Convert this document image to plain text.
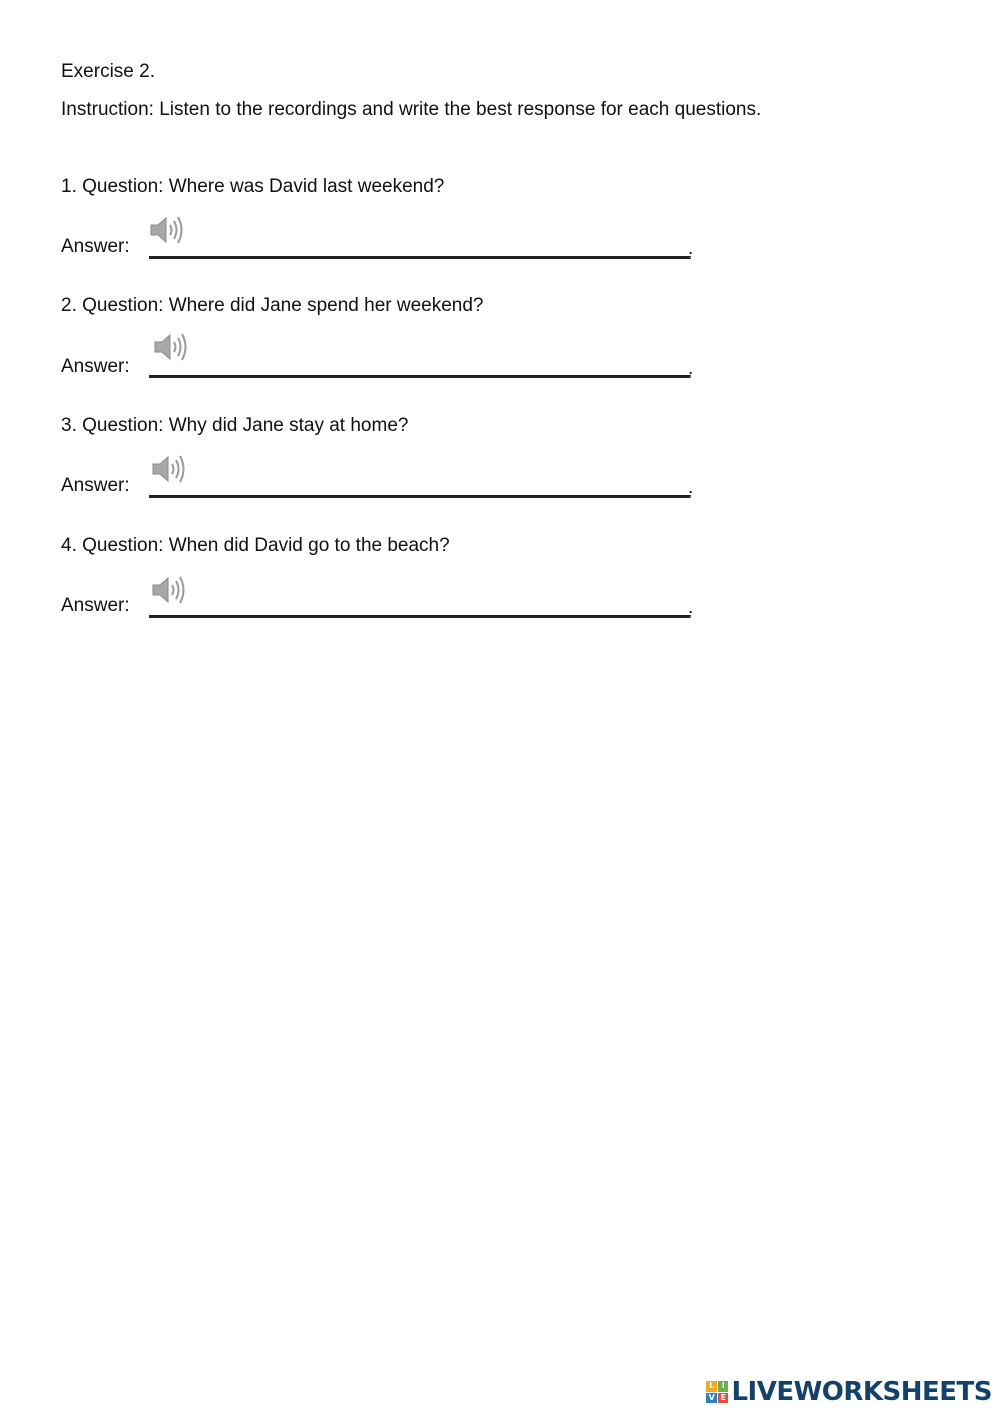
Exercise 2.
Instruction: Listen to the recordings and write the best response for each questions.
1. Question: Where was David last weekend?
Answer:	.
2. Question: Where did Jane spend her weekend?
Answer:	.
3. Question: Why did Jane stay at home?
Answer:	.
4. Question: When did David go to the beach?
Answer:	.
L I
V E LIVEWORKSHEETS
